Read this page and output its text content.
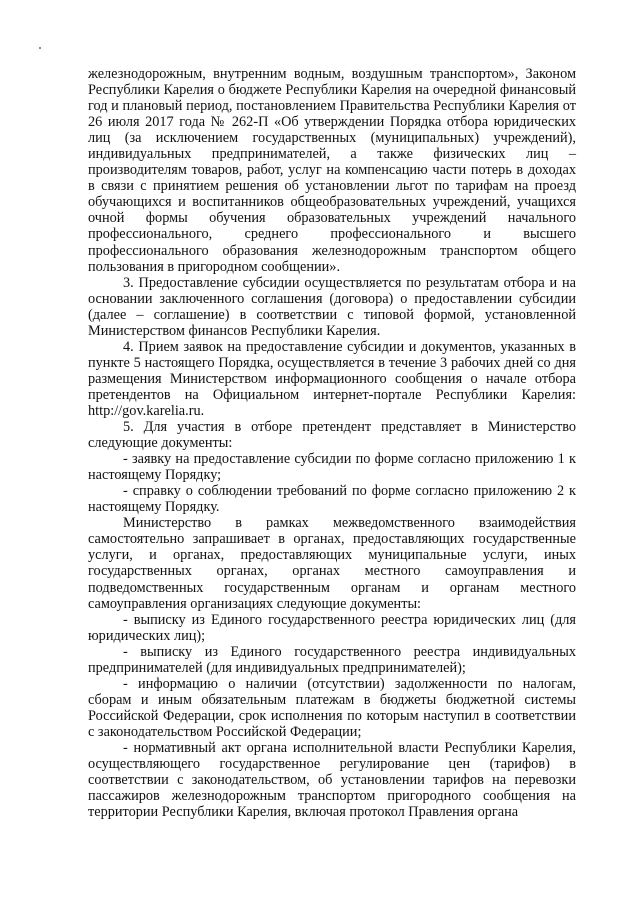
железнодорожным, внутренним водным, воздушным транспортом», Законом Республики Карелия о бюджете Республики Карелия на очередной финансовый год и плановый период, постановлением Правительства Республики Карелия от 26 июля 2017 года № 262-П «Об утверждении Порядка отбора юридических лиц (за исключением государственных (муниципальных) учреждений), индивидуальных предпринимателей, а также физических лиц – производителям товаров, работ, услуг на компенсацию части потерь в доходах в связи с принятием решения об установлении льгот по тарифам на проезд обучающихся и воспитанников общеобразовательных учреждений, учащихся очной формы обучения образовательных учреждений начального профессионального, среднего профессионального и высшего профессионального образования железнодорожным транспортом общего пользования в пригородном сообщении».

3. Предоставление субсидии осуществляется по результатам отбора и на основании заключенного соглашения (договора) о предоставлении субсидии (далее – соглашение) в соответствии с типовой формой, установленной Министерством финансов Республики Карелия.

4. Прием заявок на предоставление субсидии и документов, указанных в пункте 5 настоящего Порядка, осуществляется в течение 3 рабочих дней со дня размещения Министерством информационного сообщения о начале отбора претендентов на Официальном интернет-портале Республики Карелия: http://gov.karelia.ru.

5. Для участия в отборе претендент представляет в Министерство следующие документы:

- заявку на предоставление субсидии по форме согласно приложению 1 к настоящему Порядку;

- справку о соблюдении требований по форме согласно приложению 2 к настоящему Порядку.

Министерство в рамках межведомственного взаимодействия самостоятельно запрашивает в органах, предоставляющих государственные услуги, и органах, предоставляющих муниципальные услуги, иных государственных органах, органах местного самоуправления и подведомственных государственным органам и органам местного самоуправления организациях следующие документы:

- выписку из Единого государственного реестра юридических лиц (для юридических лиц);

- выписку из Единого государственного реестра индивидуальных предпринимателей (для индивидуальных предпринимателей);

- информацию о наличии (отсутствии) задолженности по налогам, сборам и иным обязательным платежам в бюджеты бюджетной системы Российской Федерации, срок исполнения по которым наступил в соответствии с законодательством Российской Федерации;

- нормативный акт органа исполнительной власти Республики Карелия, осуществляющего государственное регулирование цен (тарифов) в соответствии с законодательством, об установлении тарифов на перевозки пассажиров железнодорожным транспортом пригородного сообщения на территории Республики Карелия, включая протокол Правления органа
